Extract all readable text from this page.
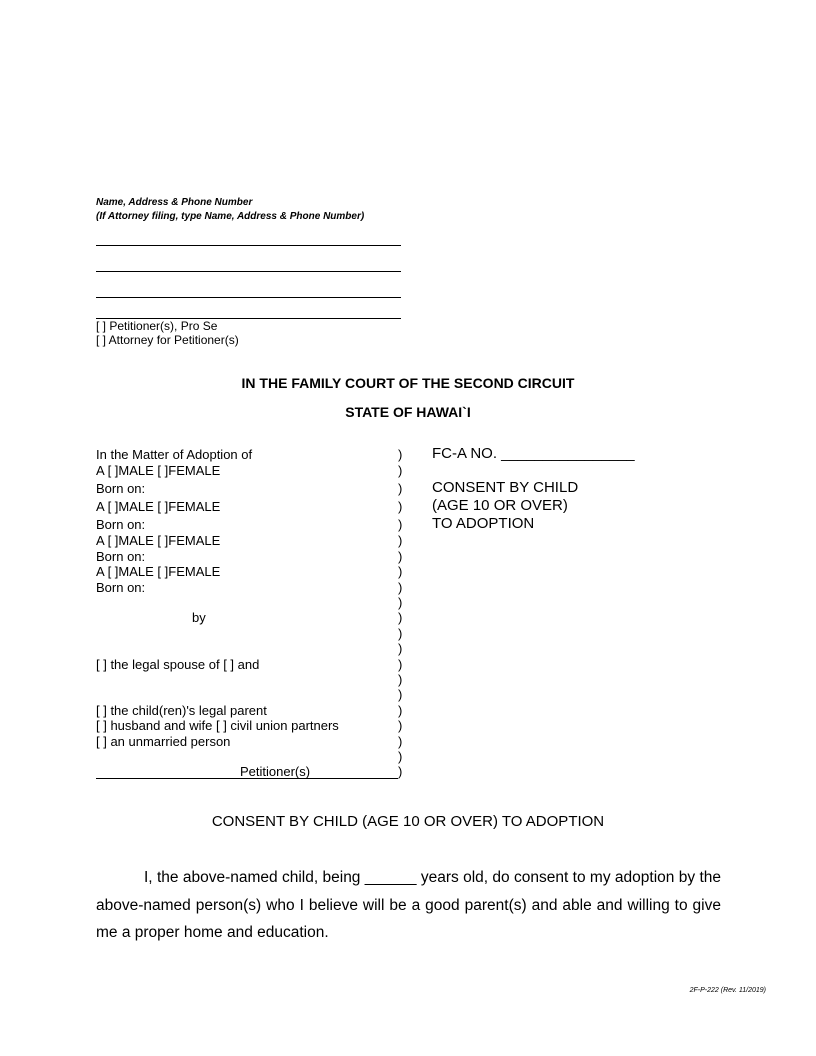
Name, Address & Phone Number
(If Attorney filing, type Name, Address & Phone Number)
[ ] Petitioner(s), Pro Se
[ ] Attorney for Petitioner(s)
IN THE FAMILY COURT OF THE SECOND CIRCUIT
STATE OF HAWAI`I
In the Matter of Adoption of
A [ ]MALE [ ]FEMALE
Born on:
A [ ]MALE [ ]FEMALE
Born on:
A [ ]MALE [ ]FEMALE
Born on:
A [ ]MALE [ ]FEMALE
Born on:
by
[ ] the legal spouse of [ ] and
[ ] the child(ren)'s legal parent
[ ] husband and wife [ ] civil union partners
[ ] an unmarried person
Petitioner(s)
)
)
)
)
)
)
)
)
)
)
)
)
)
)
)
)
)
)
)
)
)
FC-A NO. ________________
CONSENT BY CHILD
(AGE 10 OR OVER)
TO ADOPTION
CONSENT BY CHILD (AGE 10 OR OVER) TO ADOPTION
I, the above-named child, being ______ years old, do consent to my adoption by the above-named person(s) who I believe will be a good parent(s) and able and willing to give me a proper home and education.
2F-P-222 (Rev. 11/2019)
